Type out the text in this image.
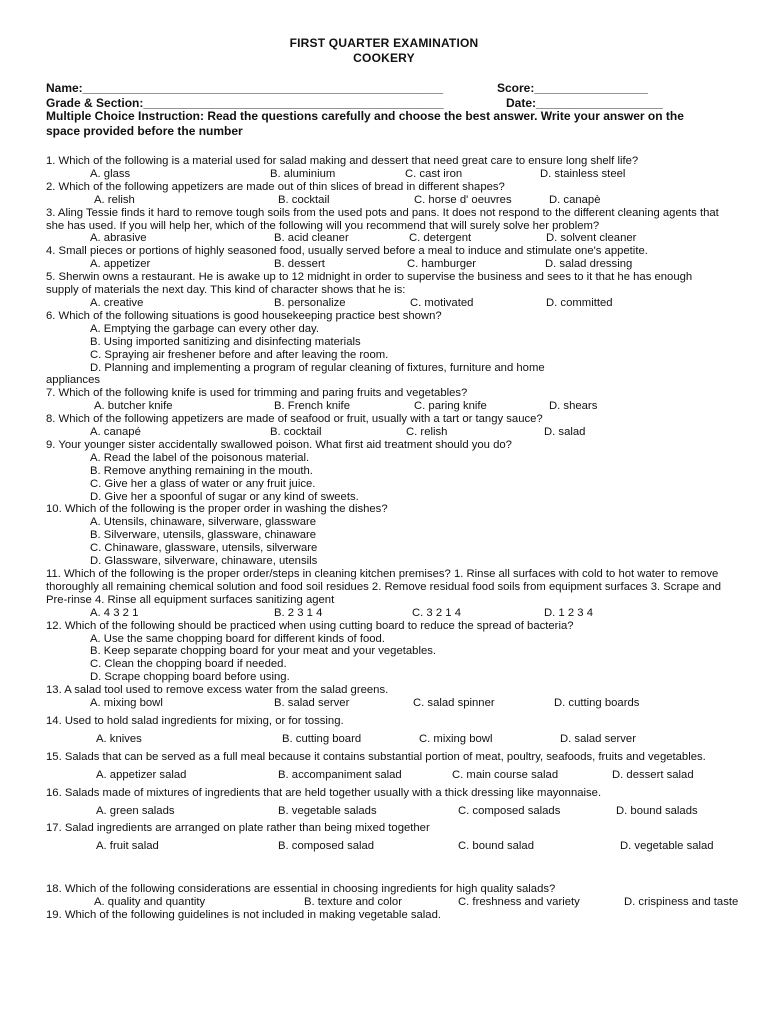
FIRST QUARTER EXAMINATION
COOKERY
Name:______________________________________________________	Score:_________________
Grade & Section:_____________________________________________	Date:___________________
Multiple Choice Instruction: Read the questions carefully and choose the best answer. Write your answer on the space provided before the number

1. Which of the following is a material used for salad making and dessert that need great care to ensure long shelf life?

A. glass	B. aluminium	C. cast iron	D. stainless steel

2. Which of the following appetizers are made out of thin slices of bread in different shapes?

A. relish	B. cocktail	C. horse d' oeuvres	D. canapè

3. Aling Tessie finds it hard to remove tough soils from the used pots and pans. It does not respond to the different cleaning agents that she has used. If you will help her, which of the following will you recommend that will surely solve her problem?

A. abrasive	B. acid cleaner	C. detergent	D. solvent cleaner

4. Small pieces or portions of highly seasoned food, usually served before a meal to induce and stimulate one's appetite.

A. appetizer	B. dessert	C. hamburger	D. salad dressing

5. Sherwin owns a restaurant. He is awake up to 12 midnight in order to supervise the business and sees to it that he has enough supply of materials the next day. This kind of character shows that he is:

A. creative	B. personalize	C. motivated	D. committed

6. Which of the following situations is good housekeeping practice best shown?

A. Emptying the garbage can every other day.
B. Using imported sanitizing and disinfecting materials
C. Spraying air freshener before and after leaving the room.
D. Planning and implementing a program of regular cleaning of fixtures, furniture and home

appliances

7. Which of the following knife is used for trimming and paring fruits and vegetables?

A. butcher knife	B. French knife	C. paring knife	D. shears

8. Which of the following appetizers are made of seafood or fruit, usually with a tart or tangy sauce?

A. canapé	B. cocktail	C. relish	D. salad

9. Your younger sister accidentally swallowed poison. What first aid treatment should you do?

A. Read the label of the poisonous material.
B. Remove anything remaining in the mouth.
C. Give her a glass of water or any fruit juice.
D. Give her a spoonful of sugar or any kind of sweets.

10. Which of the following is the proper order in washing the dishes?

A. Utensils, chinaware, silverware, glassware
B. Silverware, utensils, glassware, chinaware
C. Chinaware, glassware, utensils, silverware
D. Glassware, silverware, chinaware, utensils

11. Which of the following is the proper order/steps in cleaning kitchen premises? 1. Rinse all surfaces with cold to hot water to remove thoroughly all remaining chemical solution and food soil residues 2. Remove residual food soils from equipment surfaces 3. Scrape and Pre-rinse 4. Rinse all equipment surfaces sanitizing agent

A. 4 3 2 1	B. 2 3 1 4	C. 3 2 1 4	D. 1 2 3 4

12. Which of the following should be practiced when using cutting board to reduce the spread of bacteria?

A. Use the same chopping board for different kinds of food.
B. Keep separate chopping board for your meat and your vegetables.
C. Clean the chopping board if needed.
D. Scrape chopping board before using.

13. A salad tool used to remove excess water from the salad greens.

A. mixing bowl	B. salad server	C. salad spinner	D. cutting boards

14. Used to hold salad ingredients for mixing, or for tossing.

A. knives	B. cutting board	C. mixing bowl	D. salad server

15. Salads that can be served as a full meal because it contains substantial portion of meat, poultry, seafoods, fruits and vegetables.

A. appetizer salad	B. accompaniment salad	C. main course salad	D. dessert salad

16. Salads made of mixtures of ingredients that are held together usually with a thick dressing like mayonnaise.

A. green salads	B. vegetable salads	C. composed salads	D. bound salads

17. Salad ingredients are arranged on plate rather than being mixed together

A. fruit salad	B. composed salad	C. bound salad	D. vegetable salad

18. Which of the following considerations are essential in choosing ingredients for high quality salads?

A. quality and quantity	B. texture and color	C. freshness and variety	D. crispiness and taste

19. Which of the following guidelines is not included in making vegetable salad.
